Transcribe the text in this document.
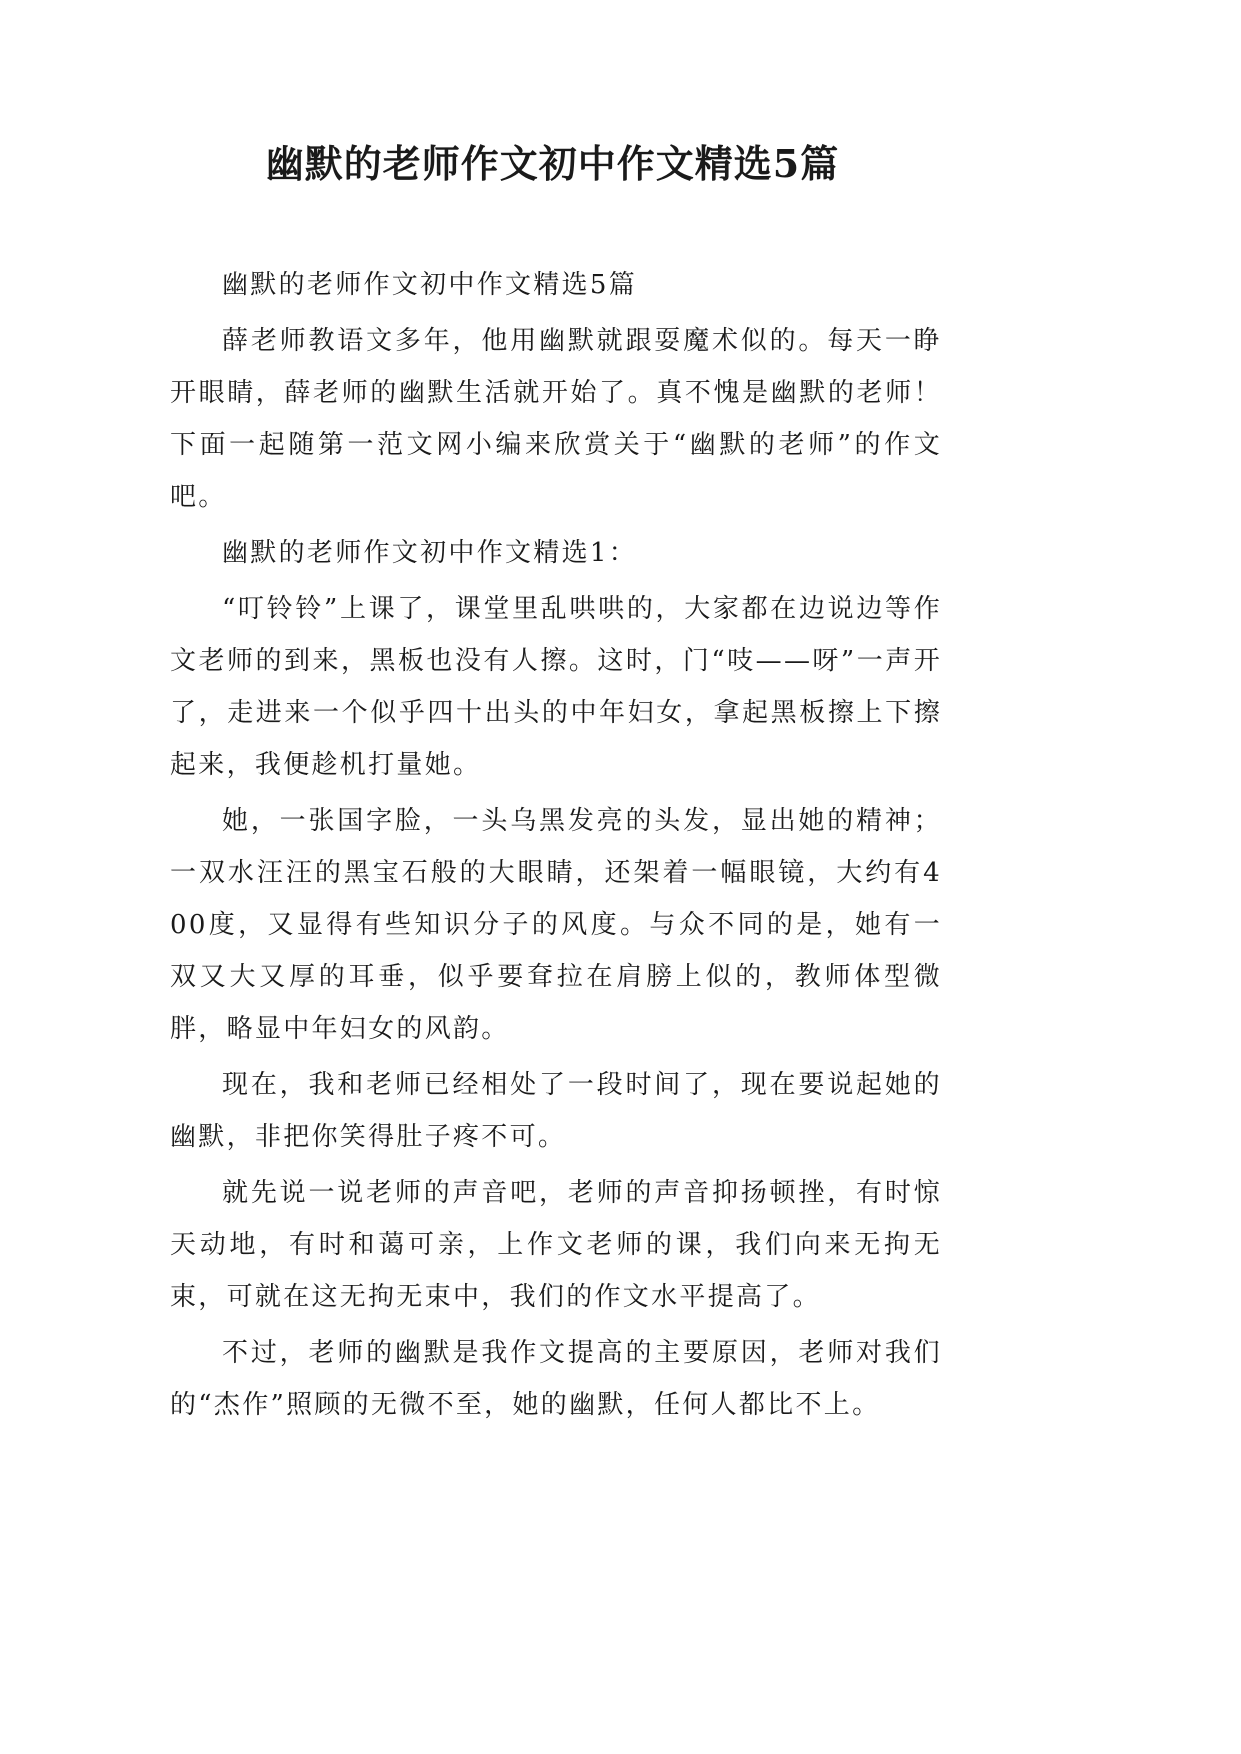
幽默的老师作文初中作文精选5篇

幽默的老师作文初中作文精选5篇

薛老师教语文多年，他用幽默就跟耍魔术似的。每天一睁开眼睛，薛老师的幽默生活就开始了。真不愧是幽默的老师！下面一起随第一范文网小编来欣赏关于“幽默的老师”的作文吧。

幽默的老师作文初中作文精选1：

“叮铃铃”上课了，课堂里乱哄哄的，大家都在边说边等作文老师的到来，黑板也没有人擦。这时，门“吱——呀”一声开了，走进来一个似乎四十出头的中年妇女，拿起黑板擦上下擦起来，我便趁机打量她。

她，一张国字脸，一头乌黑发亮的头发，显出她的精神；一双水汪汪的黑宝石般的大眼睛，还架着一幅眼镜，大约有400度，又显得有些知识分子的风度。与众不同的是，她有一双又大又厚的耳垂，似乎要耷拉在肩膀上似的，教师体型微胖，略显中年妇女的风韵。

现在，我和老师已经相处了一段时间了，现在要说起她的幽默，非把你笑得肚子疼不可。

就先说一说老师的声音吧，老师的声音抑扬顿挫，有时惊天动地，有时和蔼可亲，上作文老师的课，我们向来无拘无束，可就在这无拘无束中，我们的作文水平提高了。

不过，老师的幽默是我作文提高的主要原因，老师对我们的“杰作”照顾的无微不至，她的幽默，任何人都比不上。
